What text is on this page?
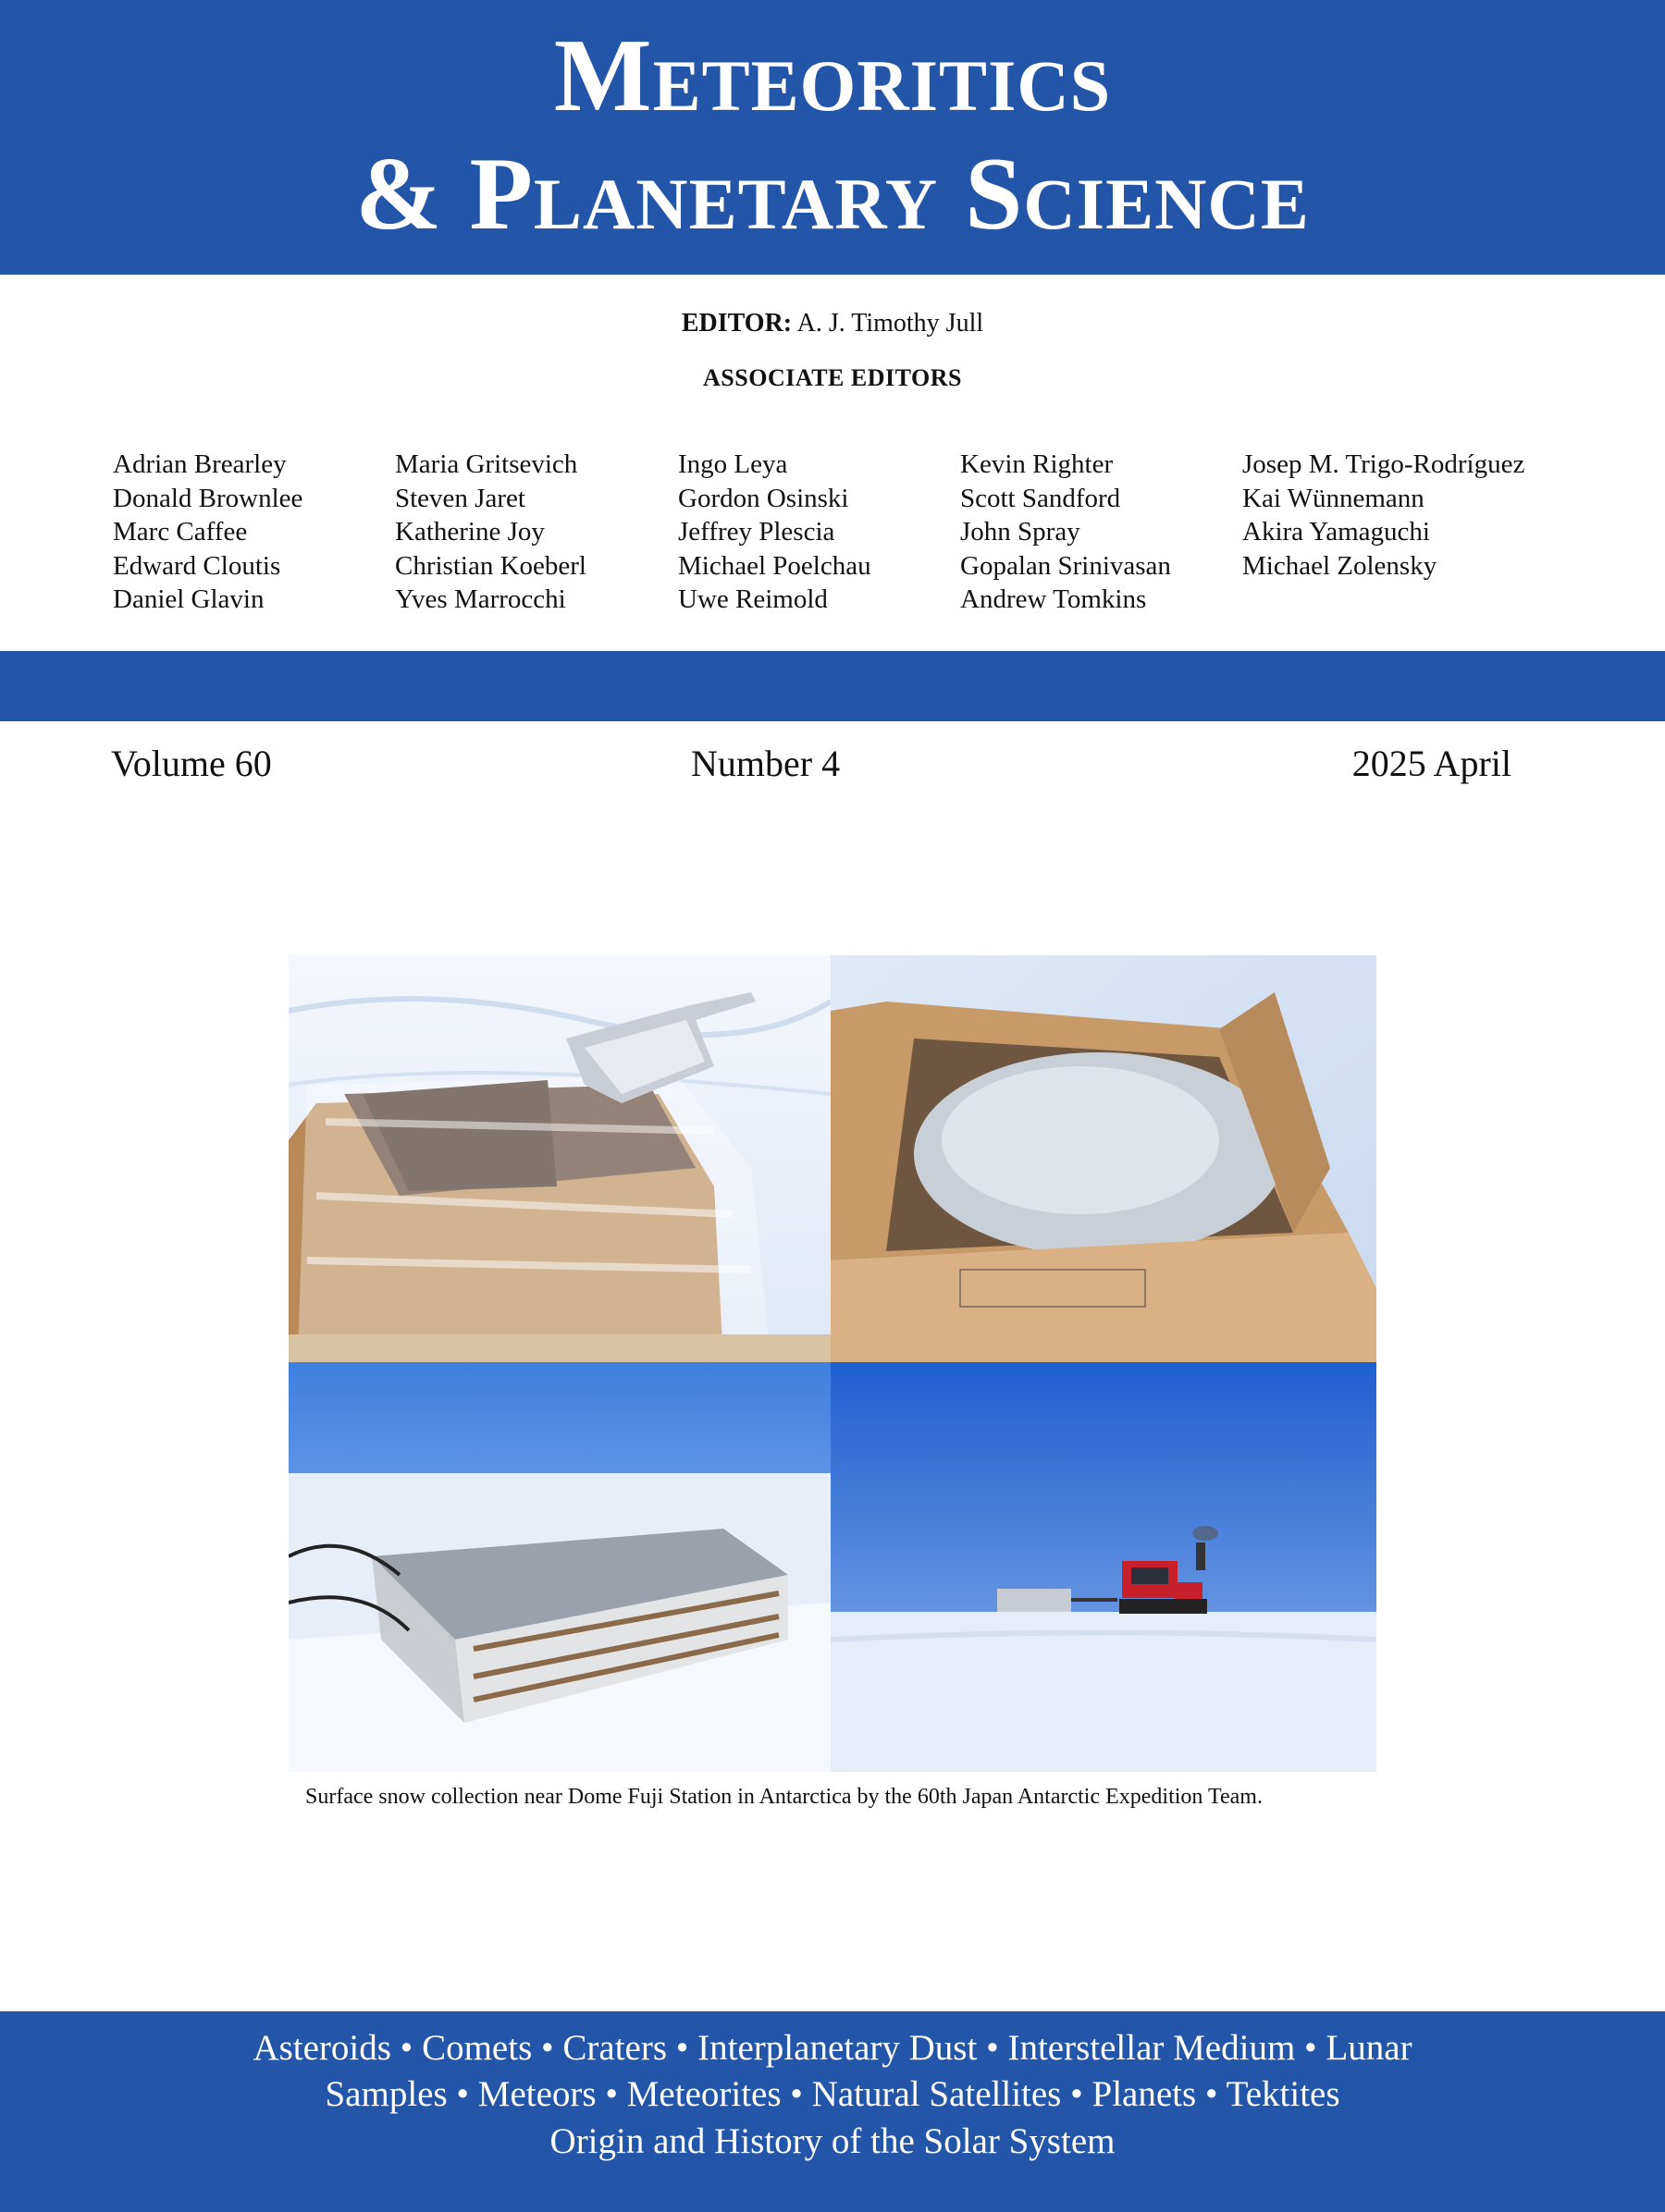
Meteoritics
& Planetary Science
EDITOR: A. J. Timothy Jull
ASSOCIATE EDITORS
Adrian Brearley
Donald Brownlee
Marc Caffee
Edward Cloutis
Daniel Glavin
Maria Gritsevich
Steven Jaret
Katherine Joy
Christian Koeberl
Yves Marrocchi
Ingo Leya
Gordon Osinski
Jeffrey Plescia
Michael Poelchau
Uwe Reimold
Kevin Righter
Scott Sandford
John Spray
Gopalan Srinivasan
Andrew Tomkins
Josep M. Trigo-Rodríguez
Kai Wünnemann
Akira Yamaguchi
Michael Zolensky
Volume 60	Number 4	2025 April
Surface snow collection near Dome Fuji Station in Antarctica by the 60th Japan Antarctic Expedition Team.
Asteroids • Comets • Craters • Interplanetary Dust • Interstellar Medium • Lunar
Samples • Meteors • Meteorites • Natural Satellites • Planets • Tektites
Origin and History of the Solar System
